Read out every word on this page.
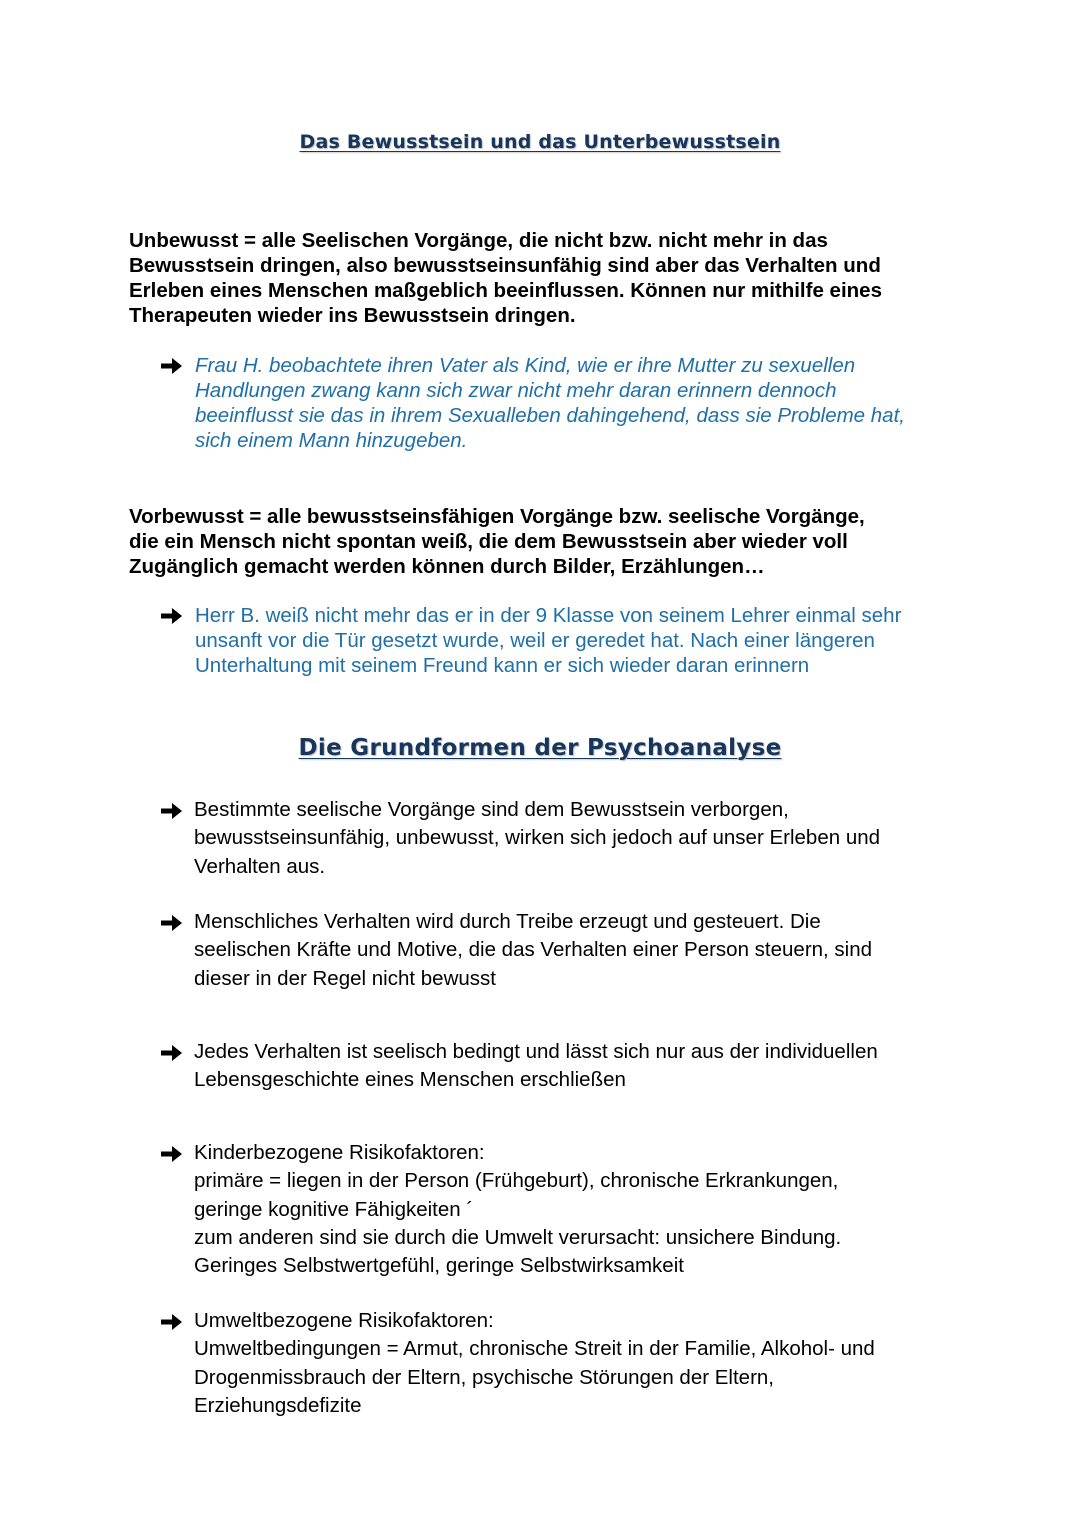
Das Bewusstsein und das Unterbewusstsein

Unbewusst = alle Seelischen Vorgänge, die nicht bzw. nicht mehr in das
Bewusstsein dringen, also bewusstseinsunfähig sind aber das Verhalten und
Erleben eines Menschen maßgeblich beeinflussen. Können nur mithilfe eines
Therapeuten wieder ins Bewusstsein dringen.

Frau H. beobachtete ihren Vater als Kind, wie er ihre Mutter zu sexuellen
Handlungen zwang kann sich zwar nicht mehr daran erinnern dennoch
beeinflusst sie das in ihrem Sexualleben dahingehend, dass sie Probleme hat,
sich einem Mann hinzugeben.

Vorbewusst = alle bewusstseinsfähigen Vorgänge bzw. seelische Vorgänge,
die ein Mensch nicht spontan weiß, die dem Bewusstsein aber wieder voll
Zugänglich gemacht werden können durch Bilder, Erzählungen…

Herr B. weiß nicht mehr das er in der 9 Klasse von seinem Lehrer einmal sehr
unsanft vor die Tür gesetzt wurde, weil er geredet hat. Nach einer längeren
Unterhaltung mit seinem Freund kann er sich wieder daran erinnern

Die Grundformen der Psychoanalyse

Bestimmte seelische Vorgänge sind dem Bewusstsein verborgen,
bewusstseinsunfähig, unbewusst, wirken sich jedoch auf unser Erleben und
Verhalten aus.

Menschliches Verhalten wird durch Treibe erzeugt und gesteuert. Die
seelischen Kräfte und Motive, die das Verhalten einer Person steuern, sind
dieser in der Regel nicht bewusst

Jedes Verhalten ist seelisch bedingt und lässt sich nur aus der individuellen
Lebensgeschichte eines Menschen erschließen

Kinderbezogene Risikofaktoren:
primäre = liegen in der Person (Frühgeburt), chronische Erkrankungen,
geringe kognitive Fähigkeiten ´
zum anderen sind sie durch die Umwelt verursacht: unsichere Bindung.
Geringes Selbstwertgefühl, geringe Selbstwirksamkeit

Umweltbezogene Risikofaktoren:
Umweltbedingungen = Armut, chronische Streit in der Familie, Alkohol- und
Drogenmissbrauch der Eltern, psychische Störungen der Eltern,
Erziehungsdefizite
